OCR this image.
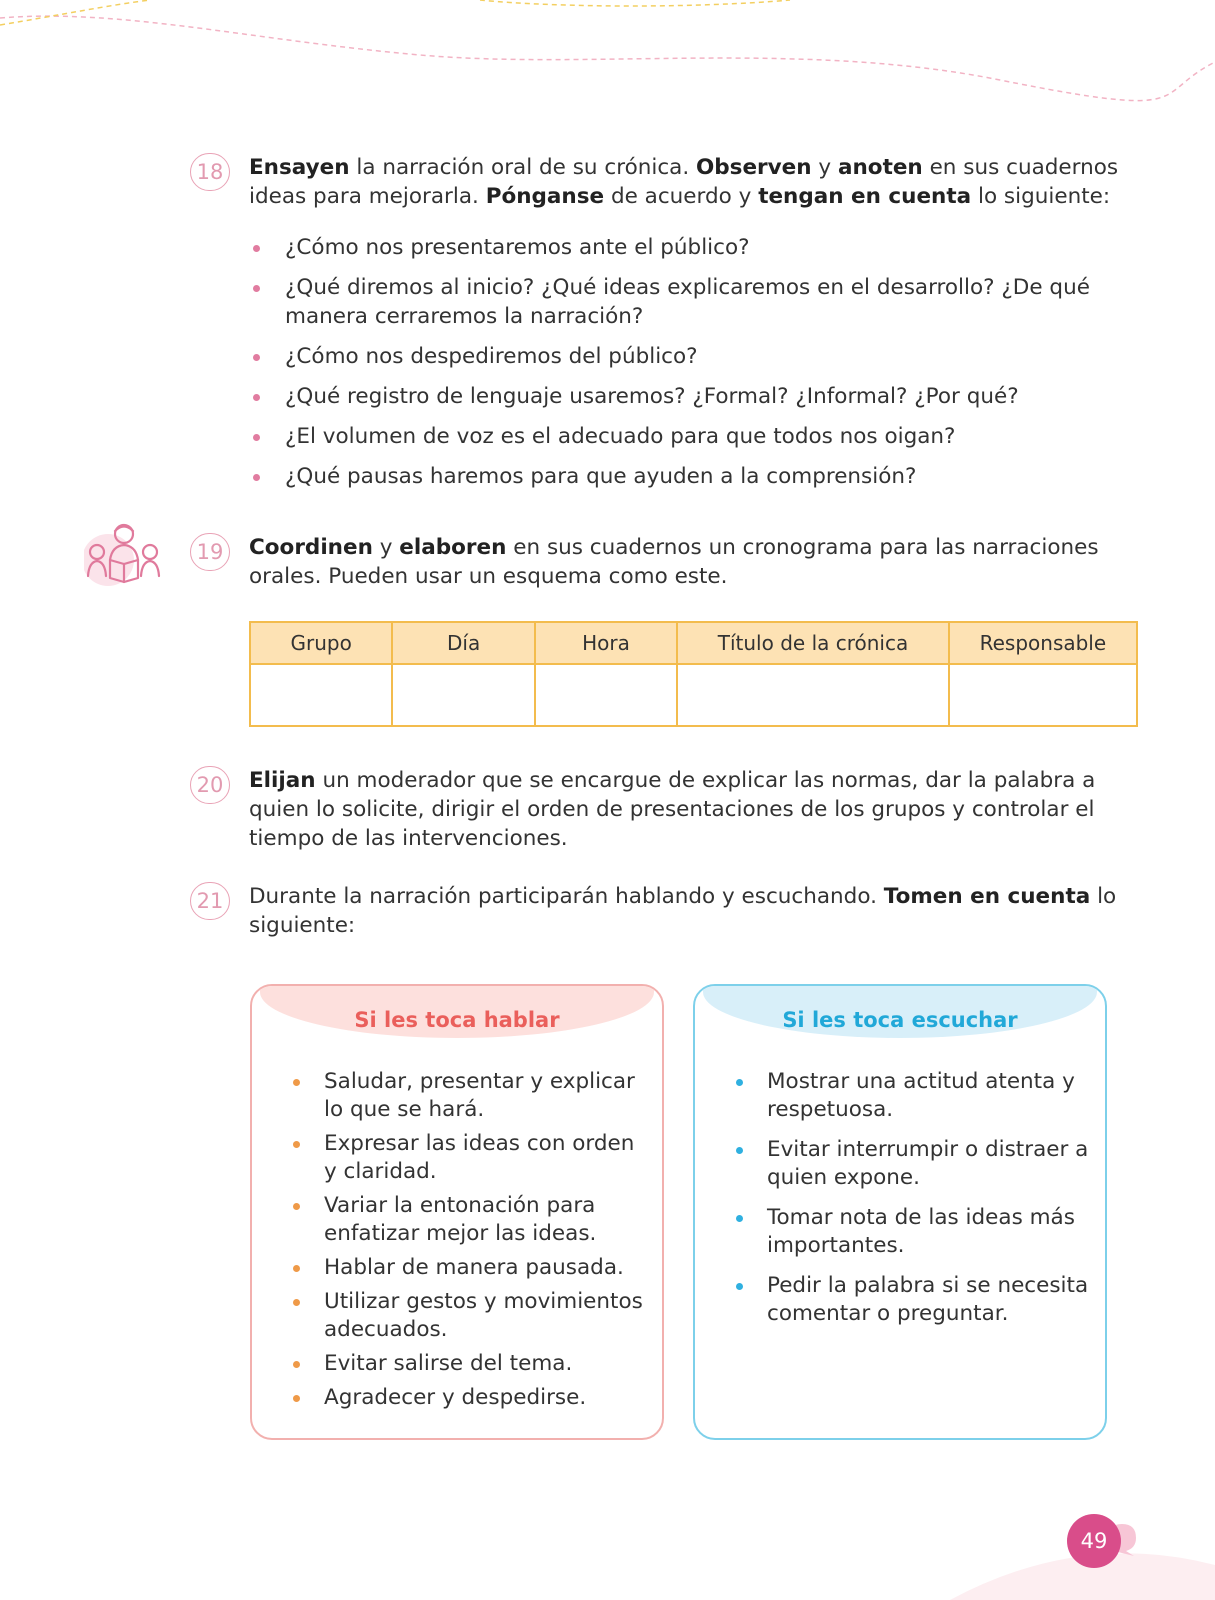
18	Ensayen la narración oral de su crónica. Observen y anoten en sus cuadernos ideas para mejorarla. Pónganse de acuerdo y tengan en cuenta lo siguiente:
¿Cómo nos presentaremos ante el público?
¿Qué diremos al inicio? ¿Qué ideas explicaremos en el desarrollo? ¿De qué manera cerraremos la narración?
¿Cómo nos despediremos del público?
¿Qué registro de lenguaje usaremos? ¿Formal? ¿Informal? ¿Por qué?
¿El volumen de voz es el adecuado para que todos nos oigan?
¿Qué pausas haremos para que ayuden a la comprensión?
19	Coordinen y elaboren en sus cuadernos un cronograma para las narraciones orales. Pueden usar un esquema como este.
Grupo	Día	Hora	Título de la crónica	Responsable

20	Elijan un moderador que se encargue de explicar las normas, dar la palabra a quien lo solicite, dirigir el orden de presentaciones de los grupos y controlar el tiempo de las intervenciones.
21	Durante la narración participarán hablando y escuchando. Tomen en cuenta lo siguiente:
Si les toca hablar
Saludar, presentar y explicar lo que se hará.
Expresar las ideas con orden y claridad.
Variar la entonación para enfatizar mejor las ideas.
Hablar de manera pausada.
Utilizar gestos y movimientos adecuados.
Evitar salirse del tema.
Agradecer y despedirse.
Si les toca escuchar
Mostrar una actitud atenta y respetuosa.
Evitar interrumpir o distraer a quien expone.
Tomar nota de las ideas más importantes.
Pedir la palabra si se necesita comentar o preguntar.
49
